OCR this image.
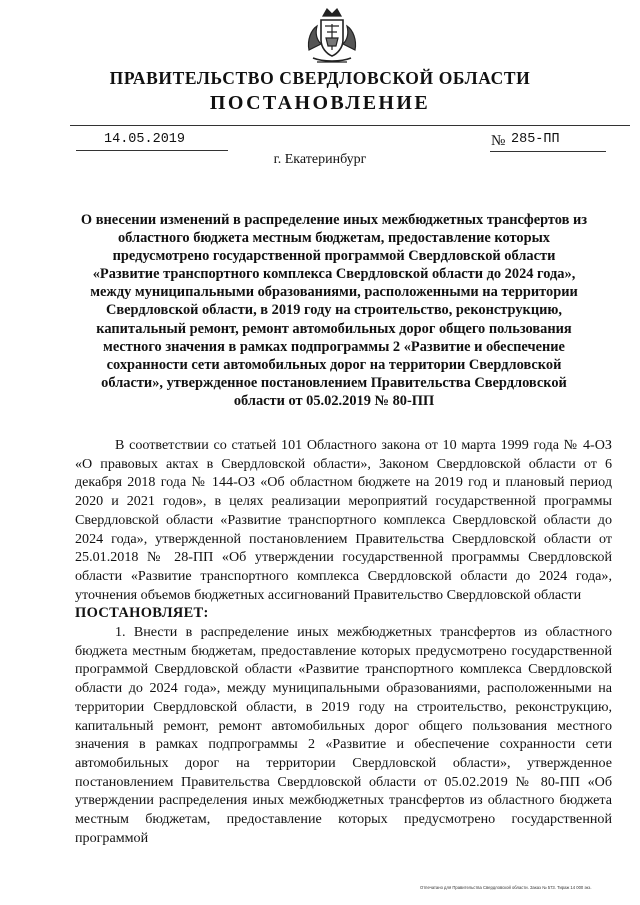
ПРАВИТЕЛЬСТВО СВЕРДЛОВСКОЙ ОБЛАСТИ
ПОСТАНОВЛЕНИЕ
14.05.2019	№ 285-ПП
г. Екатеринбург
О внесении изменений в распределение иных межбюджетных трансфертов из областного бюджета местным бюджетам, предоставление которых предусмотрено государственной программой Свердловской области «Развитие транспортного комплекса Свердловской области до 2024 года», между муниципальными образованиями, расположенными на территории Свердловской области, в 2019 году на строительство, реконструкцию, капитальный ремонт, ремонт автомобильных дорог общего пользования местного значения в рамках подпрограммы 2 «Развитие и обеспечение сохранности сети автомобильных дорог на территории Свердловской области», утвержденное постановлением Правительства Свердловской области от 05.02.2019 № 80-ПП

В соответствии со статьей 101 Областного закона от 10 марта 1999 года № 4-ОЗ «О правовых актах в Свердловской области», Законом Свердловской области от 6 декабря 2018 года № 144-ОЗ «Об областном бюджете на 2019 год и плановый период 2020 и 2021 годов», в целях реализации мероприятий государственной программы Свердловской области «Развитие транспортного комплекса Свердловской области до 2024 года», утвержденной постановлением Правительства Свердловской области от 25.01.2018 № 28-ПП «Об утверждении государственной программы Свердловской области «Развитие транспортного комплекса Свердловской области до 2024 года», уточнения объемов бюджетных ассигнований Правительство Свердловской области

ПОСТАНОВЛЯЕТ:

1. Внести в распределение иных межбюджетных трансфертов из областного бюджета местным бюджетам, предоставление которых предусмотрено государственной программой Свердловской области «Развитие транспортного комплекса Свердловской области до 2024 года», между муниципальными образованиями, расположенными на территории Свердловской области, в 2019 году на строительство, реконструкцию, капитальный ремонт, ремонт автомобильных дорог общего пользования местного значения в рамках подпрограммы 2 «Развитие и обеспечение сохранности сети автомобильных дорог на территории Свердловской области», утвержденное постановлением Правительства Свердловской области от 05.02.2019 № 80-ПП «Об утверждении распределения иных межбюджетных трансфертов из областного бюджета местным бюджетам, предоставление которых предусмотрено государственной программой

Отпечатано для Правительства Свердловской области. Заказ № 573. Тираж 14 000 экз.
